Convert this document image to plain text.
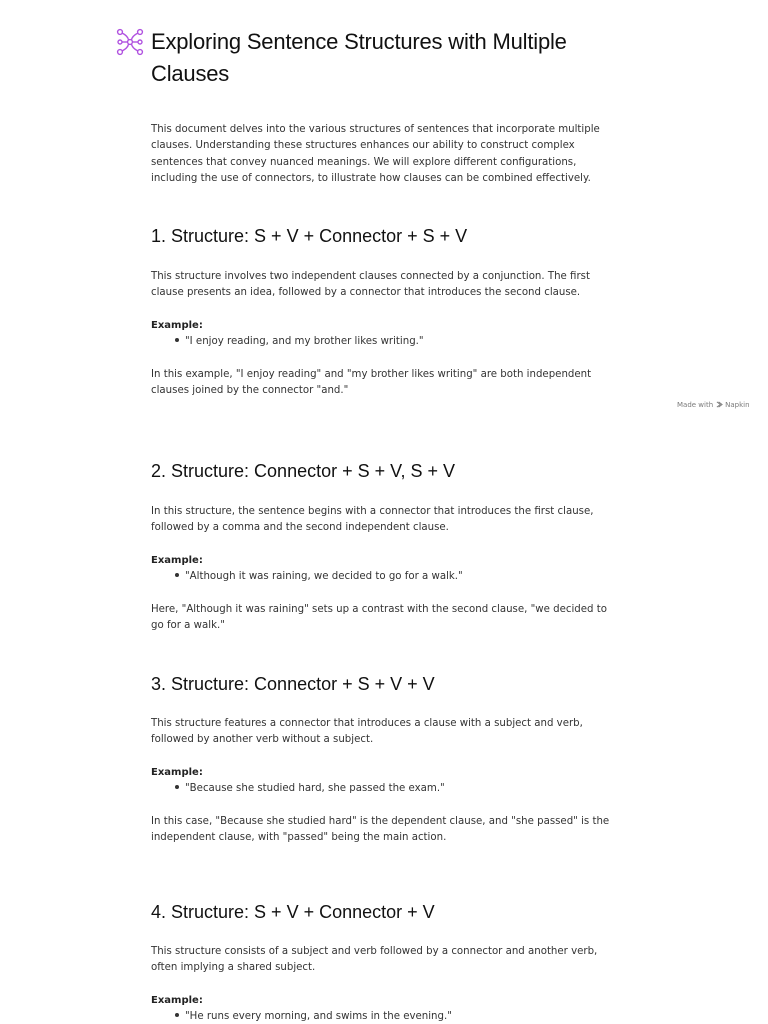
Exploring Sentence Structures with Multiple Clauses

This document delves into the various structures of sentences that incorporate multiple clauses. Understanding these structures enhances our ability to construct complex sentences that convey nuanced meanings. We will explore different configurations, including the use of connectors, to illustrate how clauses can be combined effectively.

1. Structure: S + V + Connector + S + V

This structure involves two independent clauses connected by a conjunction. The first clause presents an idea, followed by a connector that introduces the second clause.

Example:

"I enjoy reading, and my brother likes writing."

In this example, "I enjoy reading" and "my brother likes writing" are both independent clauses joined by the connector "and."

2. Structure: Connector + S + V, S + V

In this structure, the sentence begins with a connector that introduces the first clause, followed by a comma and the second independent clause.

Example:

"Although it was raining, we decided to go for a walk."

Here, "Although it was raining" sets up a contrast with the second clause, "we decided to go for a walk."

3. Structure: Connector + S + V + V

This structure features a connector that introduces a clause with a subject and verb, followed by another verb without a subject.

Example:

"Because she studied hard, she passed the exam."

In this case, "Because she studied hard" is the dependent clause, and "she passed" is the independent clause, with "passed" being the main action.

4. Structure: S + V + Connector + V

This structure consists of a subject and verb followed by a connector and another verb, often implying a shared subject.

Example:

"He runs every morning, and swims in the evening."

Made with Napkin
